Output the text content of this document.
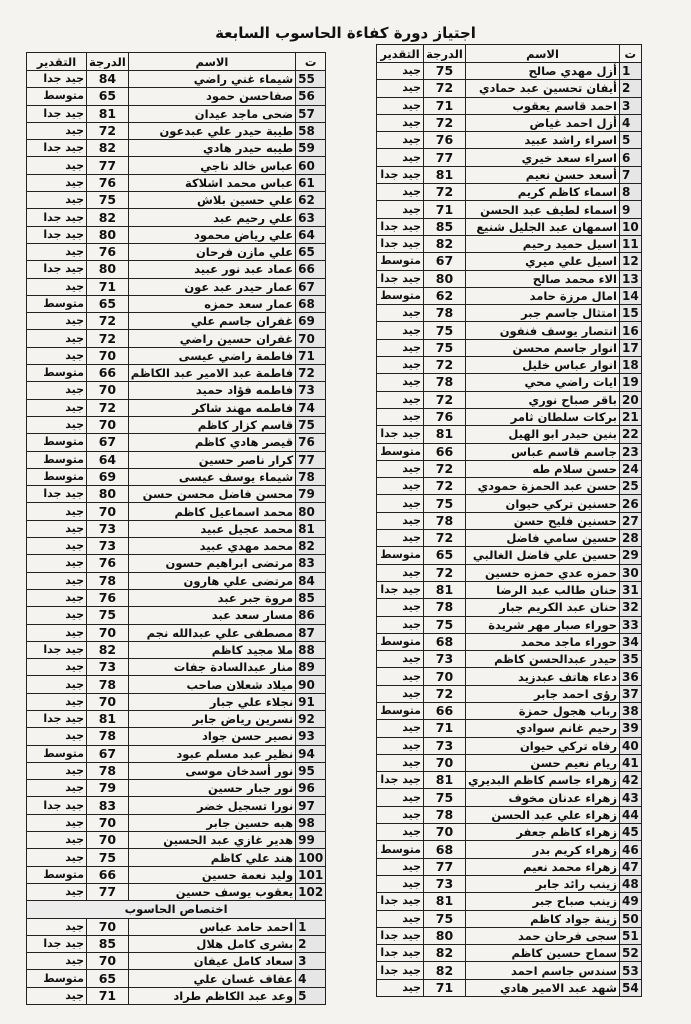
اجتياز دورة كفاءة الحاسوب السابعة
ت	الاسم	الدرجة	التقدير
1	أزل مهدي صالح	75	جيد
2	أيفان تحسين عبد حمادي	72	جيد
3	احمد قاسم يعقوب	71	جيد
4	أزل احمد غياض	72	جيد
5	اسراء راشد عبيد	76	جيد
6	اسراء سعد خيري	77	جيد
7	أسعد حسن نعيم	81	جيد جدا
8	اسماء كاظم كريم	72	جيد
9	اسماء لطيف عبد الحسن	71	جيد
10	اسمهان عبد الجليل شنيع	85	جيد جدا
11	اسيل حميد رحيم	82	جيد جدا
12	اسيل علي ميري	67	متوسط
13	الاء محمد صالح	80	جيد جدا
14	امال مرزة حامد	62	متوسط
15	امتثال جاسم جبر	78	جيد
16	انتصار يوسف فنفون	75	جيد
17	انوار جاسم محسن	75	جيد
18	انوار عباس خليل	72	جيد
19	ايات راضي محي	78	جيد
20	باقر صباح نوري	72	جيد
21	بركات سلطان ثامر	76	جيد
22	بنين حيدر ابو الهيل	81	جيد جدا
23	جاسم قاسم عباس	66	متوسط
24	حسن سلام طه	72	جيد
25	حسن عبد الحمزة حمودي	72	جيد
26	حسنين تركي حيوان	75	جيد
27	حسنين فليح حسن	78	جيد
28	حسين سامي فاضل	72	جيد
29	حسين علي فاضل الغالبي	65	متوسط
30	حمزه عدي حمزه حسين	72	جيد
31	حنان طالب عبد الرضا	81	جيد جدا
32	حنان عبد الكريم جبار	78	جيد
33	حوراء صبار مهر شريدة	75	جيد
34	حوراء ماجد محمد	68	متوسط
35	حيدر عبدالحسن كاظم	73	جيد
36	دعاء هاتف عبدزيد	70	جيد
37	رؤى احمد جابر	72	جيد
38	رباب هجول حمزة	66	متوسط
39	رحيم غانم سوادي	71	جيد
40	رفاه تركي حيوان	73	جيد
41	ريام نعيم حسن	70	جيد
42	زهراء جاسم كاظم البديري	81	جيد جدا
43	زهراء عدنان مخوف	75	جيد
44	زهراء علي عبد الحسن	78	جيد
45	زهراء كاظم جعفر	70	جيد
46	زهراء كريم بدر	68	متوسط
47	زهراء محمد نعيم	77	جيد
48	زينب رائد جابر	73	جيد
49	زينب صباح جبر	81	جيد جدا
50	زينة جواد كاظم	75	جيد
51	سجى فرحان حمد	80	جيد جدا
52	سماح حسين كاظم	82	جيد جدا
53	سندس جاسم احمد	82	جيد جدا
54	شهد عبد الامير هادي	71	جيد
ت	الاسم	الدرجة	التقدير
55	شيماء غني راضي	84	جيد جدا
56	صفاحسن حمود	65	متوسط
57	ضحى ماجد عيدان	81	جيد جدا
58	طيبة حيدر علي عبدعون	72	جيد
59	طيبه حيدر هادي	82	جيد جدا
60	عباس خالد ناجي	77	جيد
61	عباس محمد اشلاكة	76	جيد
62	علي حسين بلاش	75	جيد
63	علي رحيم عبد	82	جيد جدا
64	علي رياض محمود	80	جيد جدا
65	علي مازن فرحان	76	جيد
66	عماد عبد نور عبيد	80	جيد جدا
67	عمار حيدر عبد عون	71	جيد
68	عمار سعد حمزه	65	متوسط
69	غفران جاسم علي	72	جيد
70	غفران حسين راضي	72	جيد
71	فاطمة راضي عيسى	70	جيد
72	فاطمة عبد الامير عبد الكاظم	66	متوسط
73	فاطمه فؤاد حميد	70	جيد
74	فاطمه مهند شاكر	72	جيد
75	قاسم كزار كاظم	70	جيد
76	قيصر هادي كاظم	67	متوسط
77	كرار ناصر حسين	64	متوسط
78	شيماء يوسف عيسى	69	متوسط
79	محسن فاضل محسن حسن	80	جيد جدا
80	محمد اسماعيل كاظم	70	جيد
81	محمد عجيل عبيد	73	جيد
82	محمد مهدي عبيد	73	جيد
83	مرتضى ابراهيم حسون	76	جيد
84	مرتضى علي هارون	78	جيد
85	مروة جبر عبد	76	جيد
86	مسار سعد عبد	75	جيد
87	مصطفى علي عبدالله نجم	70	جيد
88	ملا مجيد كاظم	82	جيد جدا
89	منار عبدالسادة جفات	73	جيد
90	ميلاد شعلان صاحب	78	جيد
91	نجلاء علي جبار	70	جيد
92	نسرين رياض جابر	81	جيد جدا
93	نصير حسن جواد	78	جيد
94	نظير عبد مسلم عبود	67	متوسط
95	نور أسدخان موسى	78	جيد
96	نور جبار حسين	79	جيد
97	نورا تسجيل خضر	83	جيد جدا
98	هبه حسين جابر	70	جيد
99	هدير غازي عبد الحسين	70	جيد
100	هند علي كاظم	75	جيد
101	وليد نعمة حسين	66	متوسط
102	يعقوب يوسف حسين	77	جيد
اختصاص الحاسوب			
1	احمد حامد عباس	70	جيد
2	بشرى كامل هلال	85	جيد جدا
3	سعاد كامل عيفان	70	جيد
4	عفاف غسان علي	65	متوسط
5	وعد عبد الكاظم طراد	71	جيد
